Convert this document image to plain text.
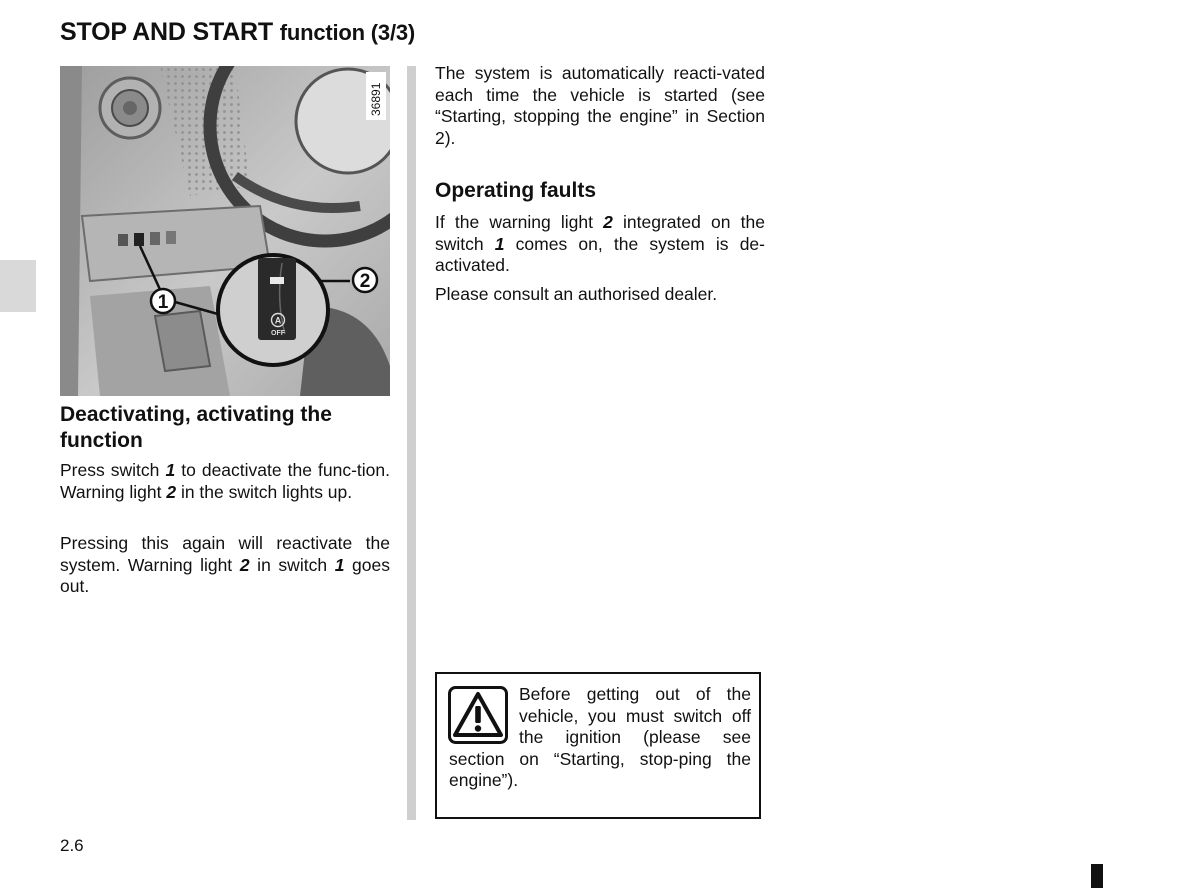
STOP AND START function (3/3)
A
OFF
1
2
36891
Deactivating, activating the function

Press switch 1 to deactivate the func-tion. Warning light 2 in the switch lights up.

Pressing this again will reactivate the system. Warning light 2 in switch 1 goes out.

The system is automatically reacti-vated each time the vehicle is started (see “Starting, stopping the engine” in Section 2).

Operating faults

If the warning light 2 integrated on the switch 1 comes on, the system is de-activated.

Please consult an authorised dealer.

Before getting out of the vehicle, you must switch off the ignition (please see section on “Starting, stop-ping the engine”).

2.6
